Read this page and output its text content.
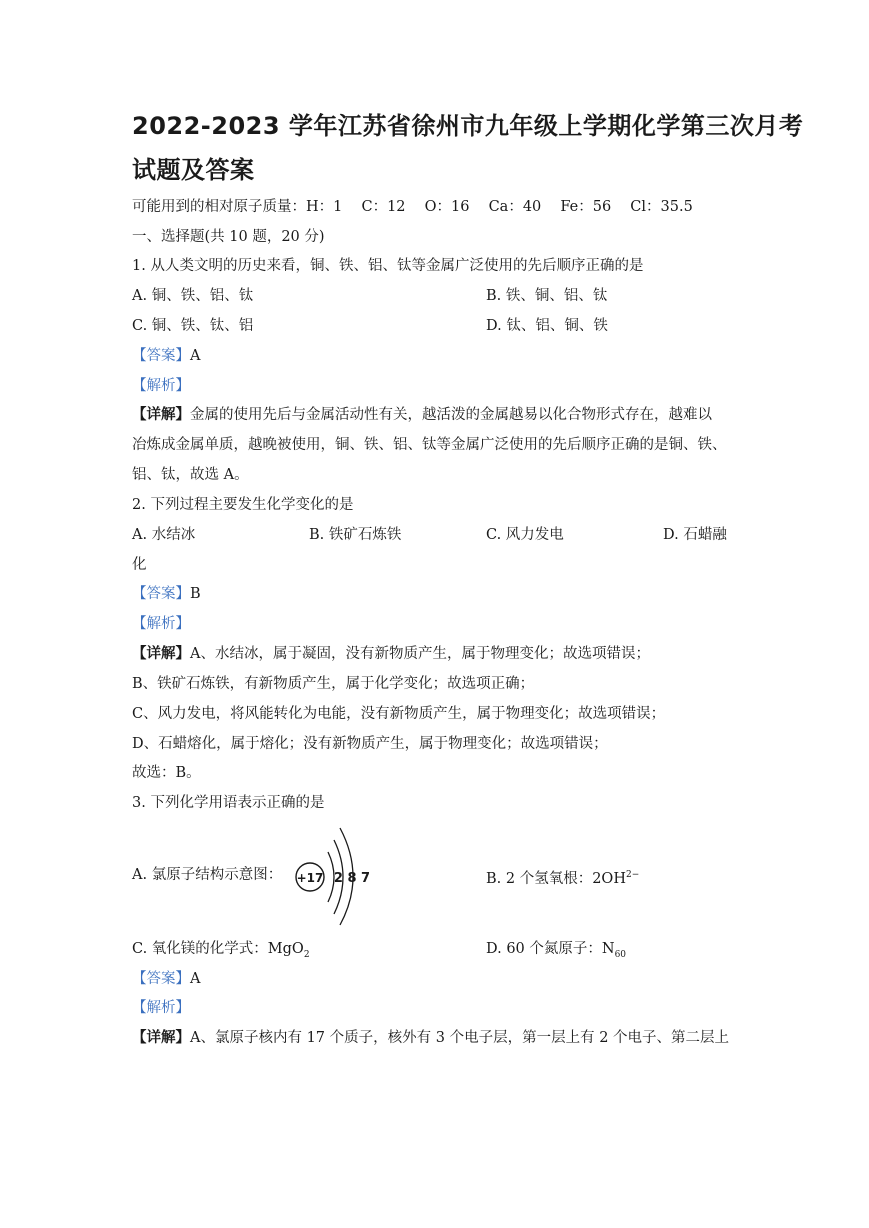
2022-2023 学年江苏省徐州市九年级上学期化学第三次月考
试题及答案
可能用到的相对原子质量：H：1　 C：12　 O：16　 Ca：40　 Fe：56　 Cl：35.5
一、选择题(共 10 题，20 分)
1. 从人类文明的历史来看，铜、铁、铝、钛等金属广泛使用的先后顺序正确的是
A. 铜、铁、铝、钛	B. 铁、铜、铝、钛
C. 铜、铁、钛、铝	D. 钛、铝、铜、铁
【答案】A
【解析】
【详解】金属的使用先后与金属活动性有关，越活泼的金属越易以化合物形式存在，越难以
冶炼成金属单质，越晚被使用，铜、铁、铝、钛等金属广泛使用的先后顺序正确的是铜、铁、
铝、钛，故选 A。
2. 下列过程主要发生化学变化的是
A. 水结冰	B. 铁矿石炼铁	C. 风力发电	D. 石蜡融
化
【答案】B
【解析】
【详解】A、水结冰，属于凝固，没有新物质产生，属于物理变化；故选项错误；
B、铁矿石炼铁，有新物质产生，属于化学变化；故选项正确；
C、风力发电，将风能转化为电能，没有新物质产生，属于物理变化；故选项错误；
D、石蜡熔化，属于熔化；没有新物质产生，属于物理变化；故选项错误；
故选：B。
3. 下列化学用语表示正确的是
A. 氯原子结构示意图： +17 2 8 7	B. 2 个氢氧根：$2OH^{2-}$
C. 氧化镁的化学式：MgO$_2$	D. 60 个氮原子：$N_{60}$
【答案】A
【解析】
【详解】A、氯原子核内有 17 个质子，核外有 3 个电子层，第一层上有 2 个电子、第二层上
